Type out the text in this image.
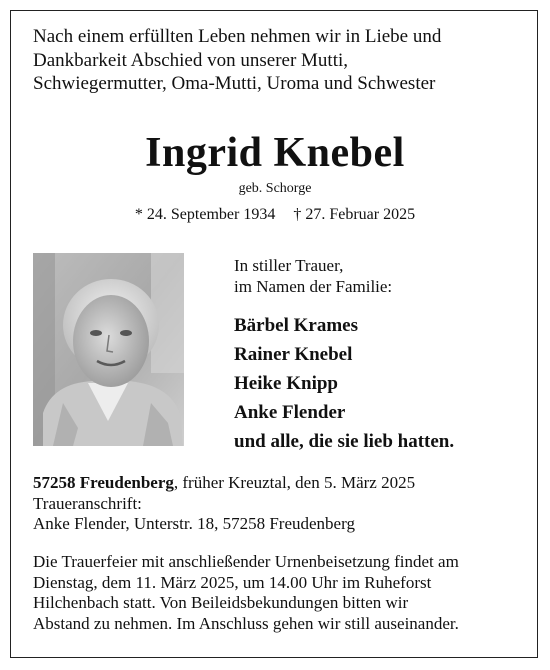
Nach einem erfüllten Leben nehmen wir in Liebe und
Dankbarkeit Abschied von unserer Mutti,
Schwiegermutter, Oma-Mutti, Uroma und Schwester
Ingrid Knebel
geb. Schorge
* 24. September 1934 † 27. Februar 2025
In stiller Trauer,
im Namen der Familie:
Bärbel Krames
Rainer Knebel
Heike Knipp
Anke Flender
und alle, die sie lieb hatten.
57258 Freudenberg, früher Kreuztal, den 5. März 2025
Traueranschrift:
Anke Flender, Unterstr. 18, 57258 Freudenberg
Die Trauerfeier mit anschließender Urnenbeisetzung findet am
Dienstag, dem 11. März 2025, um 14.00 Uhr im Ruheforst
Hilchenbach statt. Von Beileidsbekundungen bitten wir
Abstand zu nehmen. Im Anschluss gehen wir still auseinander.
